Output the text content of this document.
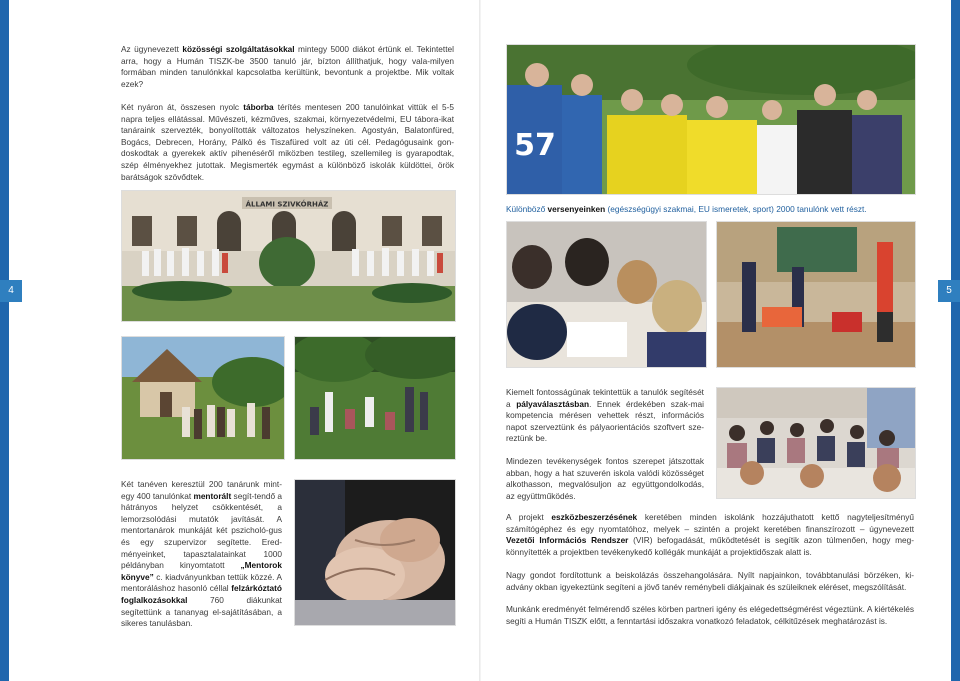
4	5

Az ügynevezett közösségi szolgáltatásokkal mintegy 5000 diákot értünk el. Tekintettel arra, hogy a Humán TISZK-be 3500 tanuló jár, bízton állíthatjuk, hogy vala-milyen formában minden tanulónkkal kapcsolatba kerültünk, bevontunk a projektbe. Mik voltak ezek?

Két nyáron át, összesen nyolc táborba térítés mentesen 200 tanulóinkat vittük el 5-5 napra teljes ellátással. Művészeti, kézműves, szakmai, környezetvédelmi, EU tábora-ikat tanáraink szervezték, bonyolították változatos helyszíneken. Agostyán, Balatonfüred, Bogács, Debrecen, Horány, Pálkö és Tiszafüred volt az úti cél. Pedagógusaink gon-doskodtak a gyerekek aktív pihenéséről miközben testileg, szellemileg is gyarapodtak, szép élményekhez jutottak. Megismerték egymást a különböző iskolák küldöttei, örök barátságok szövődtek.

Két tanéven keresztül 200 tanárunk mint-egy 400 tanulónkat mentorált segít-tendő a hátrányos helyzet csökkentését, a lemorzsolódási mutatók javítását. A mentortanárok munkáját két pszicholó-gus és egy szupervizor segítette. Ered-ményeinket, tapasztalatainkat 1000 példányban kinyomtatott „Mentorok könyve” c. kiadványunkban tettük közzé. A mentoráláshoz hasonló céllal felzárkóztató foglalkozásokkal 760 diákunkat segítettünk a tananyag el-sajátításában, a sikeres tanulásban.

ÁLLAMI SZIVKÓRHÁZ
57

Különböző versenyeinken (egészségügyi szakmai, EU ismeretek, sport) 2000 tanulónk vett részt.

Kiemelt fontosságúnak tekintettük a tanulók segítését a pályaválasztásban. Ennek érdekében szak-mai kompetencia mérésen vehettek részt, információs napot szerveztünk és pályaorientációs szoftvert sze-reztünk be.

Mindezen tevékenységek fontos szerepet játszottak abban, hogy a hat szuverén iskola valódi közösséget alkothasson, megvalósuljon az együttgondolkodás, az együttműködés.

A projekt eszközbeszerzésének keretében minden iskolánk hozzájuthatott kettő nagyteljesítményű számítógéphez és egy nyomtatóhoz, melyek – szintén a projekt keretében finanszírozott – úgynevezett Vezetői Információs Rendszer (VIR) befogadását, működtetését is segítik azon túlmenően, hogy meg-könnyítették a projektben tevékenykedő kollégák munkáját a projektidőszak alatt is.

Nagy gondot fordítottunk a beiskolázás összehangolására. Nyílt napjainkon, továbbtanulási börzéken, ki-advány okban igyekeztünk segíteni a jövő tanév reménybeli diákjainak és szüleiknek eléréset, megszólítását.

Munkánk eredményét felmérendő széles körben partneri igény és elégedettségmérést végeztünk. A kiértékelés segíti a Humán TISZK előtt, a fenntartási időszakra vonatkozó feladatok, célkitűzések meghatározást is.
